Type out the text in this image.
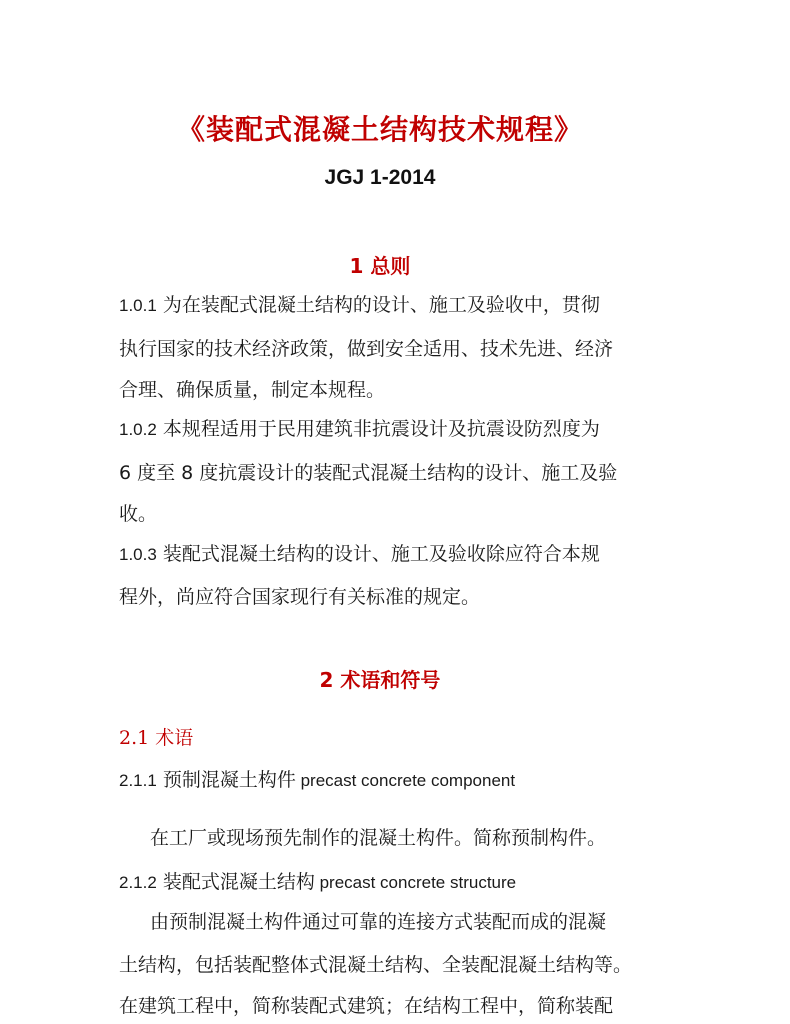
《装配式混凝土结构技术规程》
JGJ 1-2014
1 总则
1.0.1 为在装配式混凝土结构的设计、施工及验收中，贯彻
执行国家的技术经济政策，做到安全适用、技术先进、经济
合理、确保质量，制定本规程。
1.0.2 本规程适用于民用建筑非抗震设计及抗震设防烈度为
6 度至 8 度抗震设计的装配式混凝土结构的设计、施工及验
收。
1.0.3 装配式混凝土结构的设计、施工及验收除应符合本规
程外，尚应符合国家现行有关标准的规定。
2 术语和符号
2.1 术语
2.1.1 预制混凝土构件 precast concrete component
在工厂或现场预先制作的混凝土构件。简称预制构件。
2.1.2 装配式混凝土结构 precast concrete structure
由预制混凝土构件通过可靠的连接方式装配而成的混凝
土结构，包括装配整体式混凝土结构、全装配混凝土结构等。
在建筑工程中，简称装配式建筑；在结构工程中，简称装配
